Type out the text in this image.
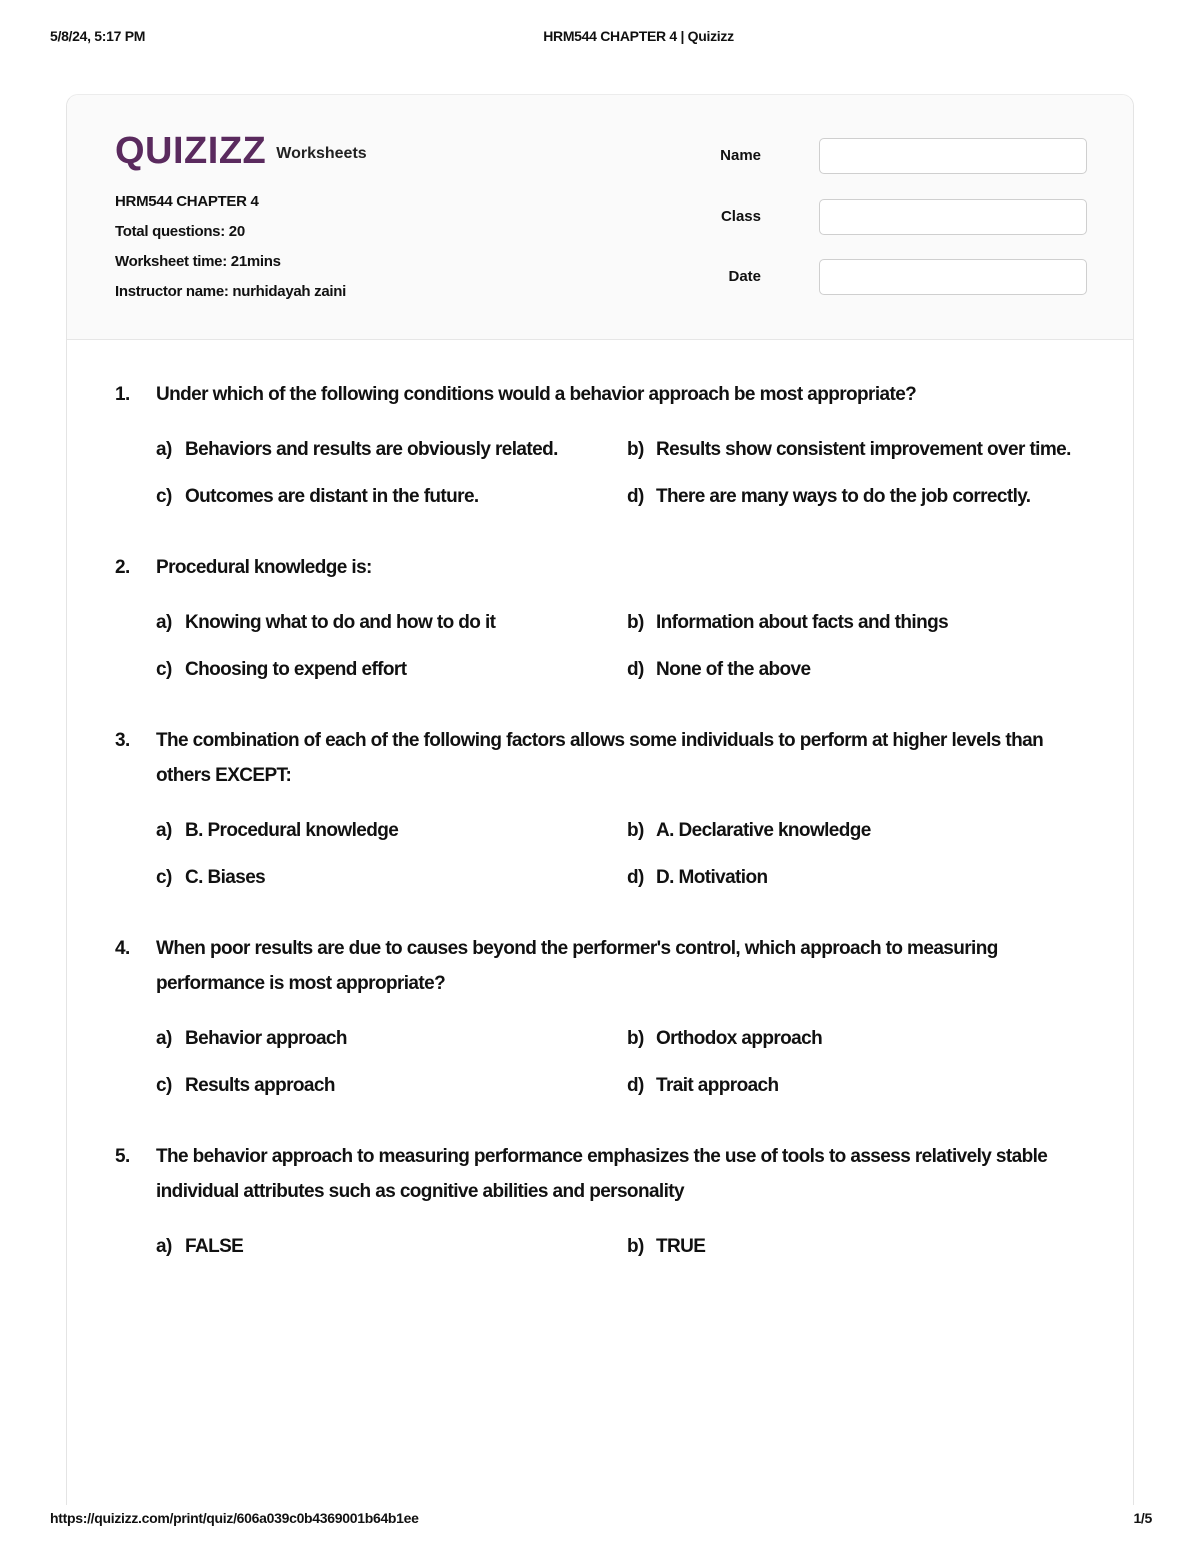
5/8/24, 5:17 PM	HRM544 CHAPTER 4 | Quizizz
QUIZIZZ Worksheets
HRM544 CHAPTER 4
Total questions: 20
Worksheet time: 21mins
Instructor name: nurhidayah zaini
Name
Class
Date
1.	Under which of the following conditions would a behavior approach be most appropriate?
a) Behaviors and results are obviously related.	b) Results show consistent improvement over time.
c) Outcomes are distant in the future.	d) There are many ways to do the job correctly.
2.	Procedural knowledge is:
a) Knowing what to do and how to do it	b) Information about facts and things
c) Choosing to expend effort	d) None of the above
3.	The combination of each of the following factors allows some individuals to perform at higher levels than others EXCEPT:
a) B. Procedural knowledge	b) A. Declarative knowledge
c) C. Biases	d) D. Motivation
4.	When poor results are due to causes beyond the performer's control, which approach to measuring performance is most appropriate?
a) Behavior approach	b) Orthodox approach
c) Results approach	d) Trait approach
5.	The behavior approach to measuring performance emphasizes the use of tools to assess relatively stable individual attributes such as cognitive abilities and personality
a) FALSE	b) TRUE
https://quizizz.com/print/quiz/606a039c0b4369001b64b1ee	1/5
